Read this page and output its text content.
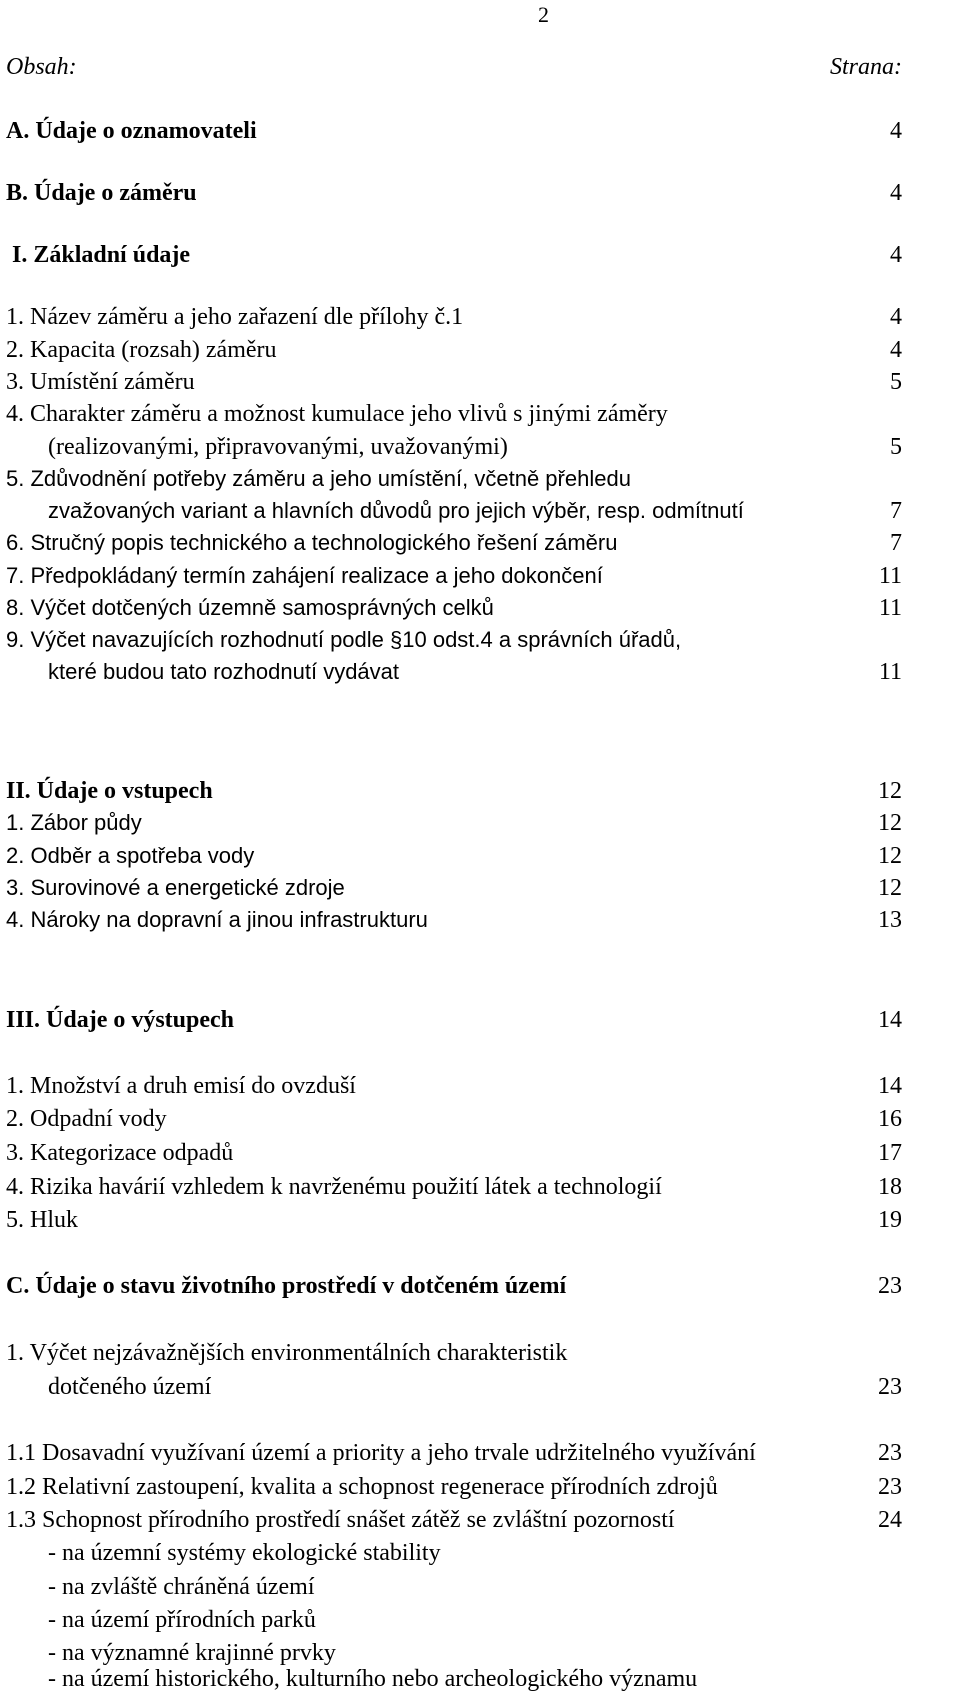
2
Obsah:	Strana:
A. Údaje o oznamovateli	4
B. Údaje o záměru	4
I. Základní údaje	4
1. Název záměru a jeho zařazení dle přílohy č.1	4
2. Kapacita (rozsah) záměru	4
3. Umístění záměru	5
4. Charakter záměru a možnost kumulace jeho vlivů s jinými záměry
(realizovanými, připravovanými, uvažovanými)	5
5. Zdůvodnění potřeby záměru a jeho umístění, včetně přehledu
zvažovaných variant a hlavních důvodů pro jejich výběr, resp. odmítnutí	7
6. Stručný popis technického a technologického řešení záměru	7
7. Předpokládaný termín zahájení realizace a jeho dokončení	11
8. Výčet dotčených územně samosprávných celků	11
9. Výčet navazujících rozhodnutí podle §10 odst.4 a správních úřadů,
které budou tato rozhodnutí vydávat	11
II. Údaje o vstupech	12
1. Zábor půdy	12
2. Odběr a spotřeba vody	12
3. Surovinové a energetické zdroje	12
4. Nároky na dopravní a jinou infrastrukturu	13
III. Údaje o výstupech	14
1. Množství a druh emisí do ovzduší	14
2. Odpadní vody	16
3. Kategorizace odpadů	17
4. Rizika havárií vzhledem k navrženému použití látek a technologií	18
5. Hluk	19
C. Údaje o stavu životního prostředí v dotčeném území	23
1. Výčet nejzávažnějších environmentálních charakteristik
dotčeného území	23
1.1 Dosavadní využívaní území a priority a jeho trvale udržitelného využívání	23
1.2 Relativní zastoupení, kvalita a schopnost regenerace přírodních zdrojů	23
1.3 Schopnost přírodního prostředí snášet zátěž se zvláštní pozorností	24
- na územní systémy ekologické stability
- na zvláště chráněná území
- na území přírodních parků
- na významné krajinné prvky
- na území historického, kulturního nebo archeologického významu
